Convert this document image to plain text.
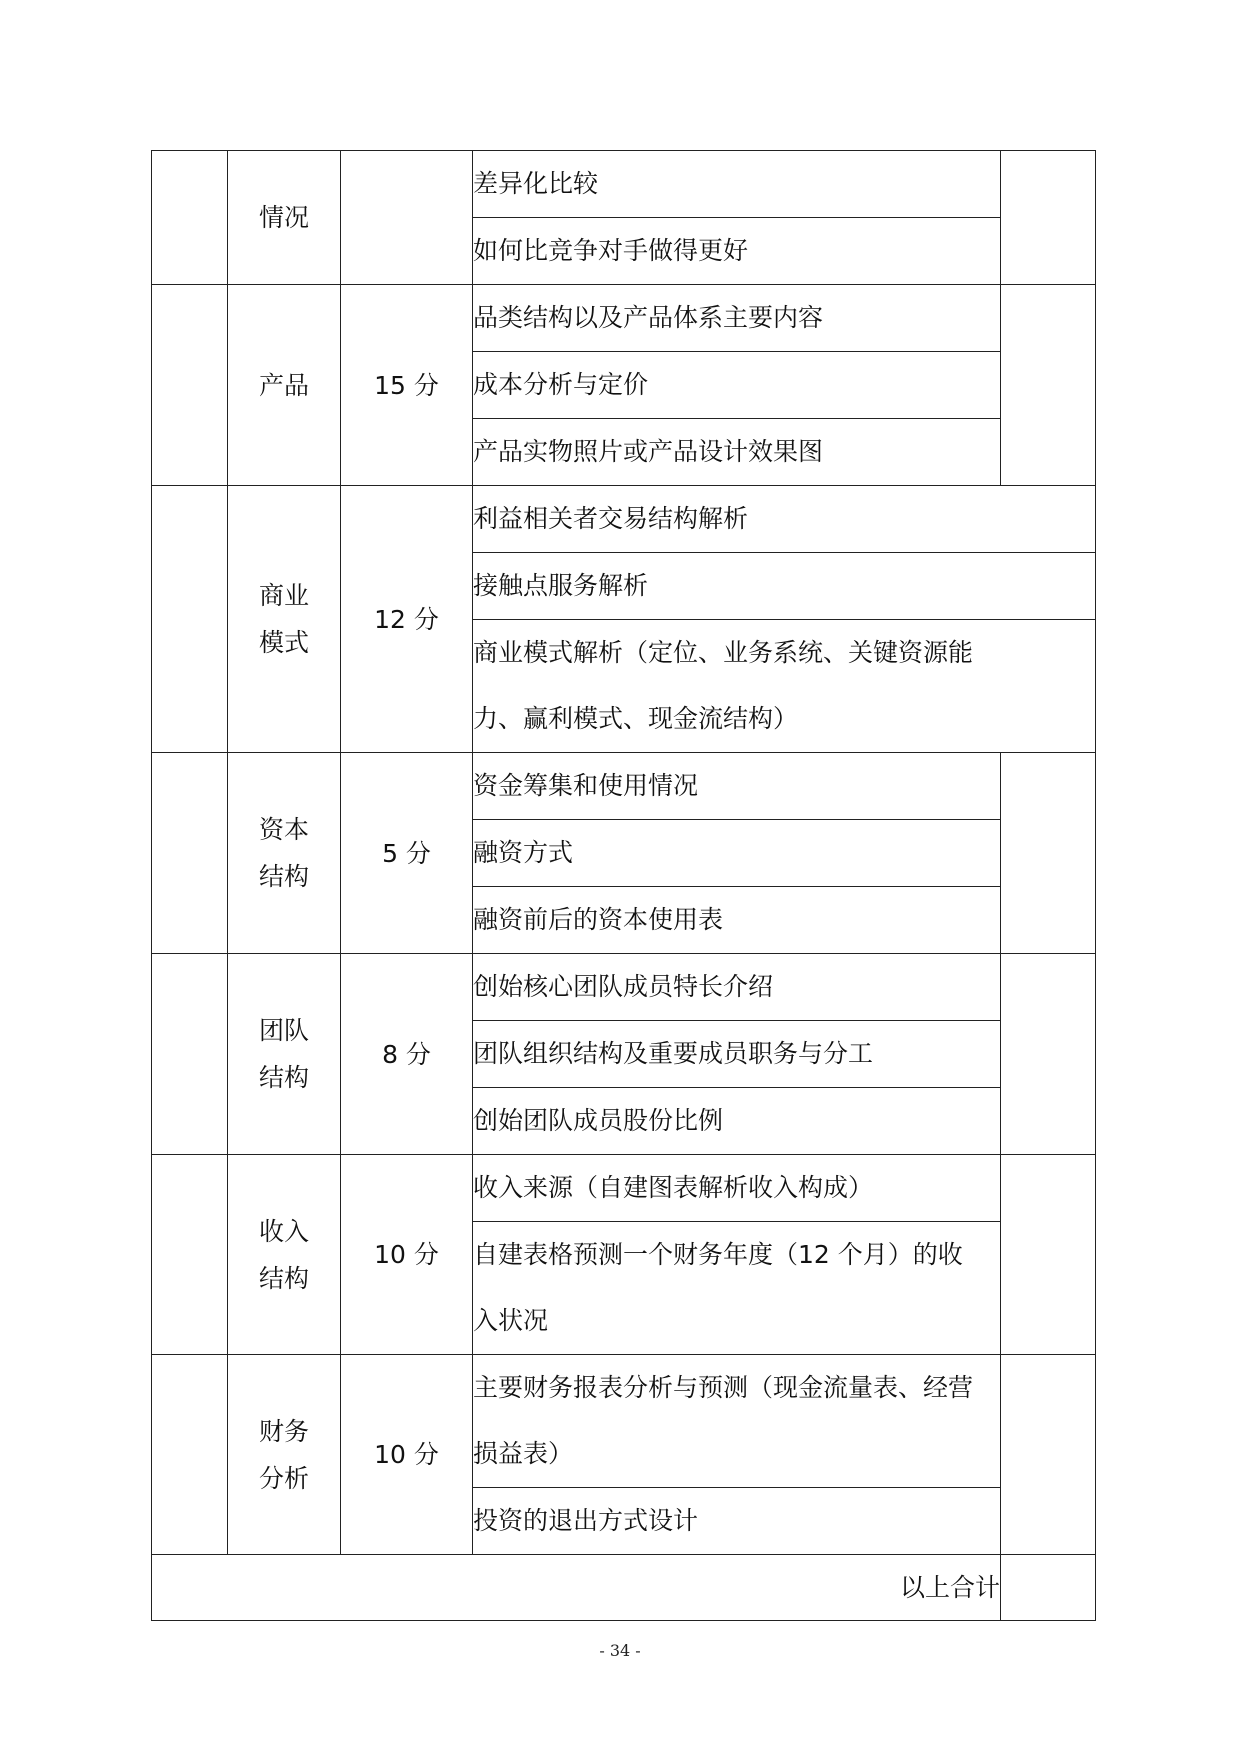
	情况		差异化比较	

			如何比竞争对手做得更好	

	产品	15 分	品类结构以及产品体系主要内容	

			成本分析与定价	

			产品实物照片或产品设计效果图	

	商业模式	12 分	利益相关者交易结构解析	

			接触点服务解析	

			商业模式解析（定位、业务系统、关键资源能力、赢利模式、现金流结构）	

	资本结构	5 分	资金筹集和使用情况	

			融资方式	

			融资前后的资本使用表	

	团队结构	8 分	创始核心团队成员特长介绍	

			团队组织结构及重要成员职务与分工	

			创始团队成员股份比例	

	收入结构	10 分	收入来源（自建图表解析收入构成）	

			自建表格预测一个财务年度（12 个月）的收入状况	

	财务分析	10 分	主要财务报表分析与预测（现金流量表、经营损益表）	

			投资的退出方式设计	

以上合计				
- 34 -
